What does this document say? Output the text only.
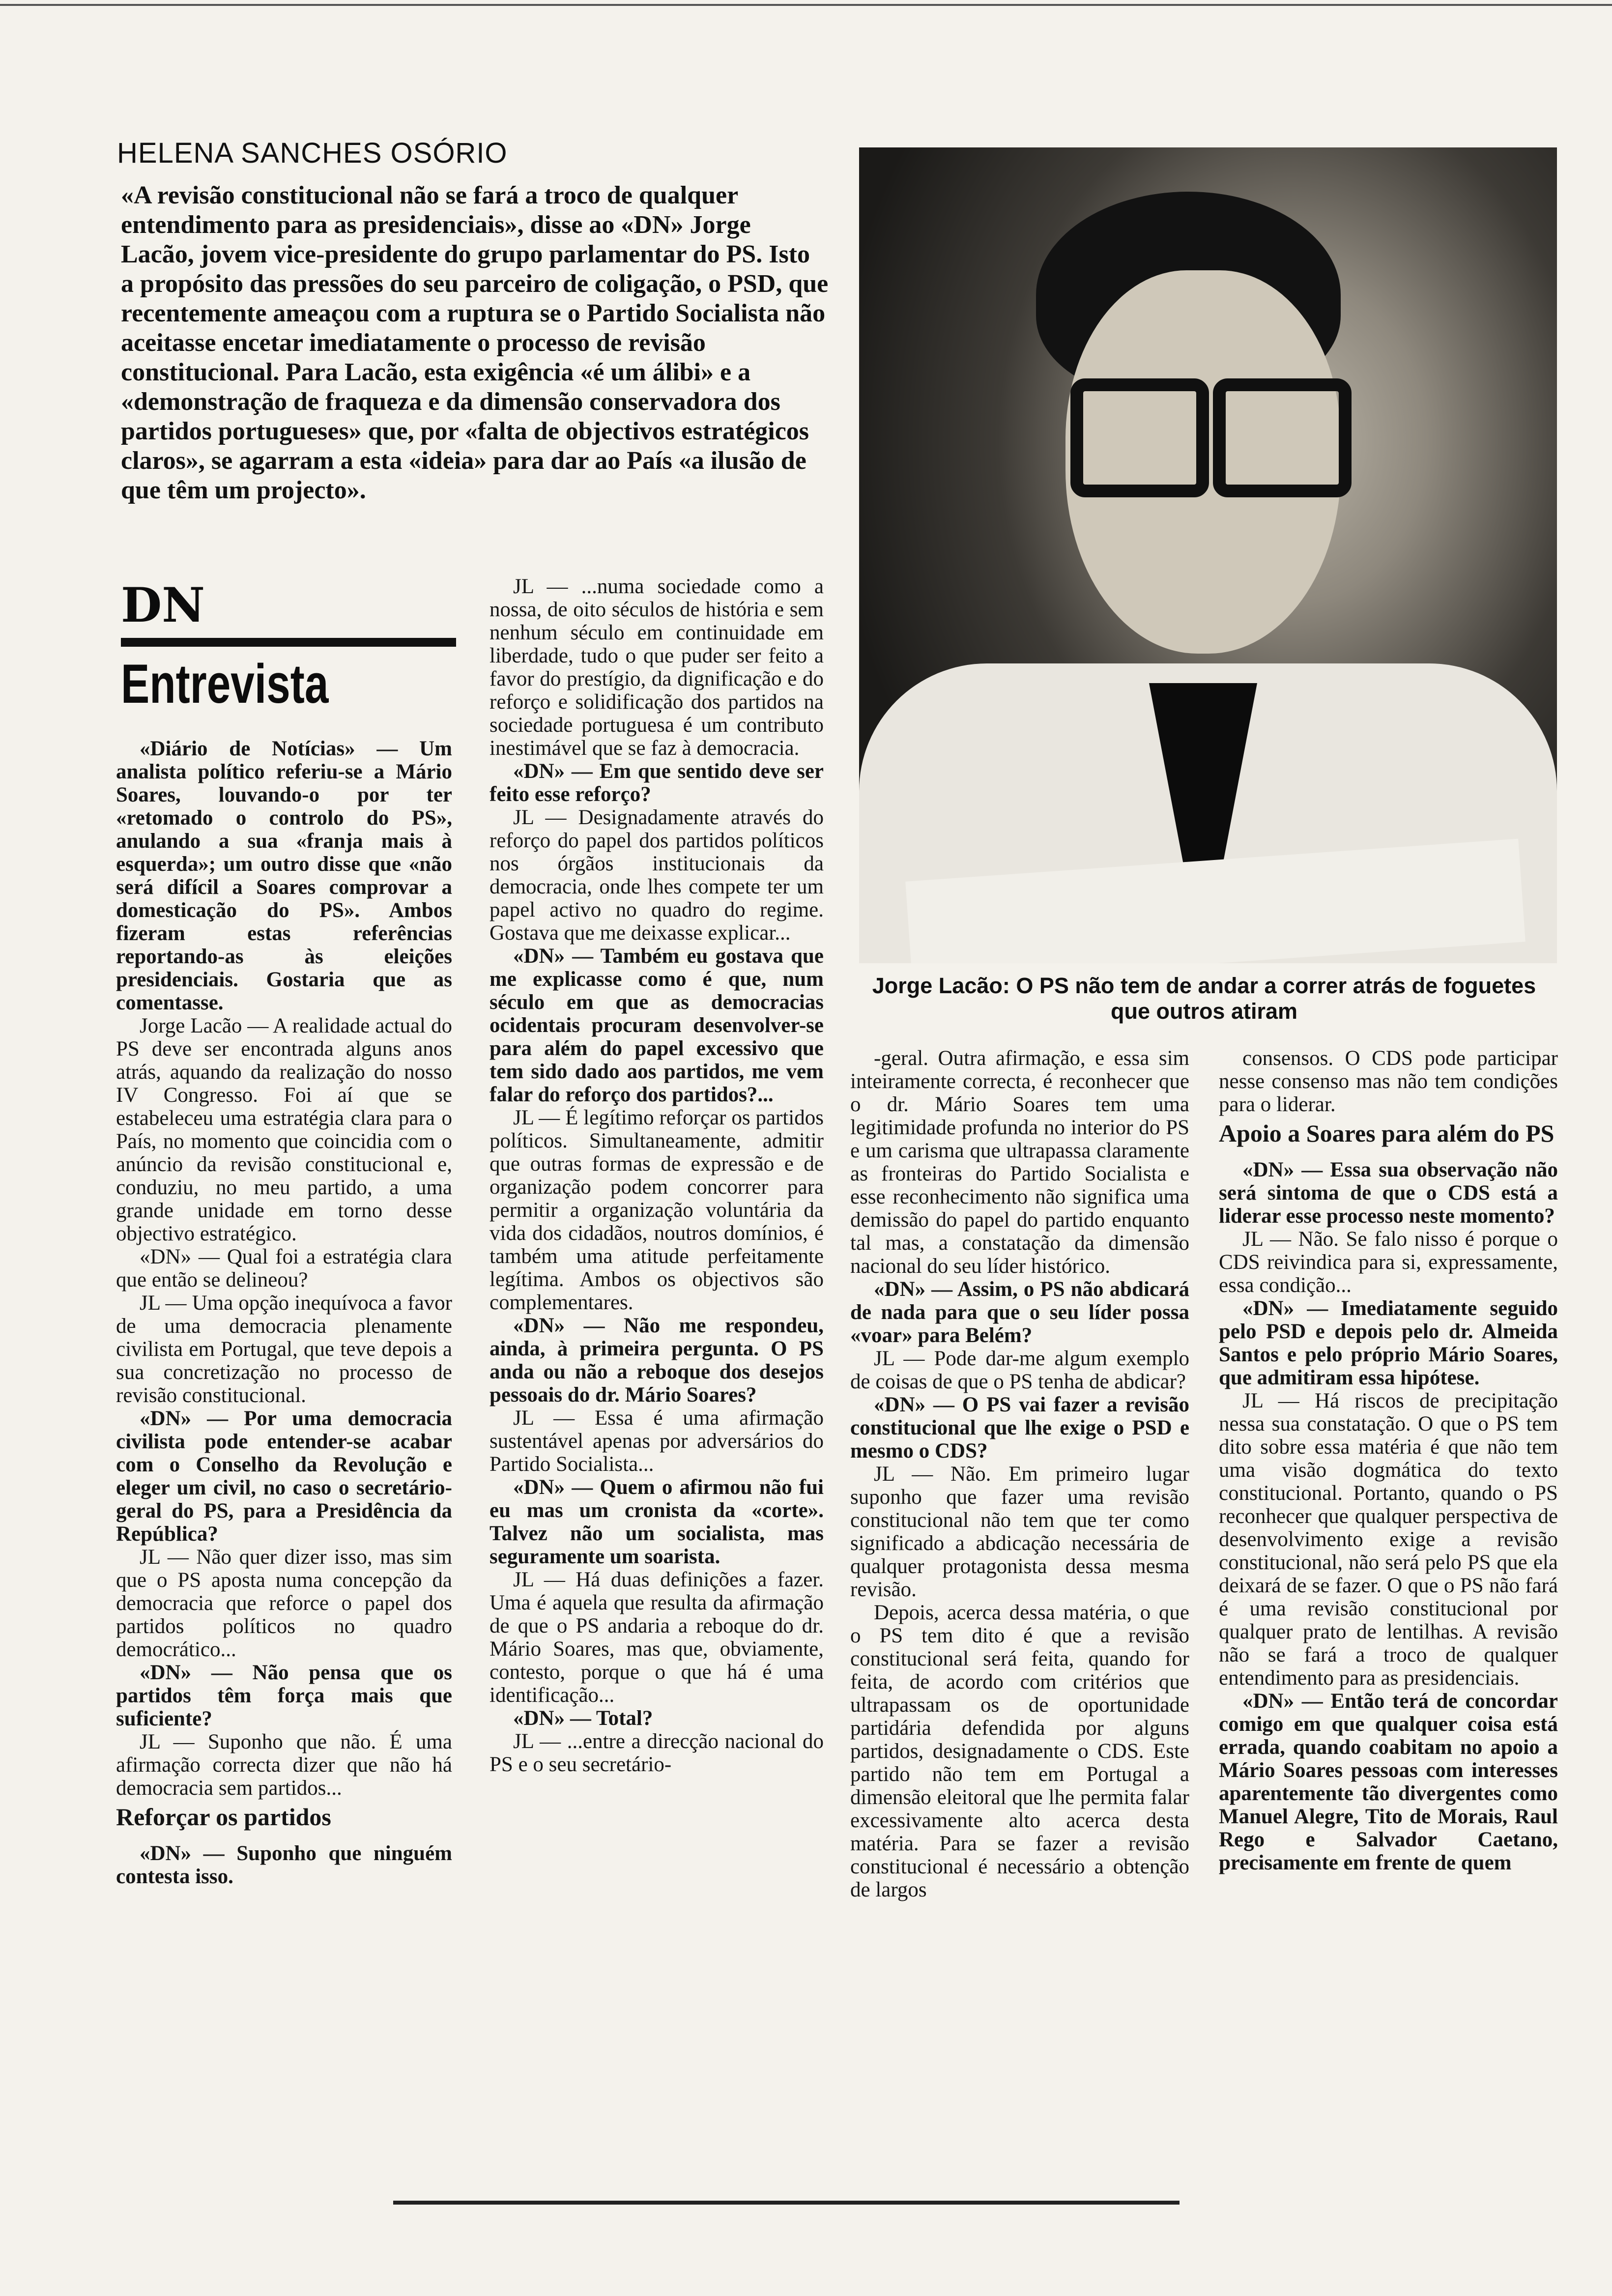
HELENA SANCHES OSÓRIO
«A revisão constitucional não se fará a troco de qualquer entendimento para as presidenciais», disse ao «DN» Jorge Lacão, jovem vice-presidente do grupo parlamentar do PS. Isto a propósito das pressões do seu parceiro de coligação, o PSD, que recentemente ameaçou com a ruptura se o Partido Socialista não aceitasse encetar imediatamente o processo de revisão constitucional. Para Lacão, esta exigência «é um álibi» e a «demonstração de fraqueza e da dimensão conservadora dos partidos portugueses» que, por «falta de objectivos estratégicos claros», se agarram a esta «ideia» para dar ao País «a ilusão de que têm um projecto».
Jorge Lacão: O PS não tem de andar a correr atrás de foguetes que outros atiram
DN
Entrevista

«Diário de Notícias» — Um analista político referiu-se a Mário Soares, louvando-o por ter «retomado o controlo do PS», anulando a sua «franja mais à esquerda»; um outro disse que «não será difícil a Soares comprovar a domesticação do PS». Ambos fizeram estas referências reportando-as às eleições presidenciais. Gostaria que as comentasse.

Jorge Lacão — A realidade actual do PS deve ser encontrada alguns anos atrás, aquando da realização do nosso IV Congresso. Foi aí que se estabeleceu uma estratégia clara para o País, no momento que coincidia com o anúncio da revisão constitucional e, conduziu, no meu partido, a uma grande unidade em torno desse objectivo estratégico.

«DN» — Qual foi a estratégia clara que então se delineou?

JL — Uma opção inequívoca a favor de uma democracia plenamente civilista em Portugal, que teve depois a sua concretização no processo de revisão constitucional.

«DN» — Por uma democracia civilista pode entender-se acabar com o Conselho da Revolução e eleger um civil, no caso o secretário-geral do PS, para a Presidência da República?

JL — Não quer dizer isso, mas sim que o PS aposta numa concepção da democracia que reforce o papel dos partidos políticos no quadro democrático...

«DN» — Não pensa que os partidos têm força mais que suficiente?

JL — Suponho que não. É uma afirmação correcta dizer que não há democracia sem partidos...

Reforçar os partidos

«DN» — Suponho que ninguém contesta isso.

JL — ...numa sociedade como a nossa, de oito séculos de história e sem nenhum século em continuidade em liberdade, tudo o que puder ser feito a favor do prestígio, da dignificação e do reforço e solidificação dos partidos na sociedade portuguesa é um contributo inestimável que se faz à democracia.

«DN» — Em que sentido deve ser feito esse reforço?

JL — Designadamente através do reforço do papel dos partidos políticos nos órgãos institucionais da democracia, onde lhes compete ter um papel activo no quadro do regime. Gostava que me deixasse explicar...

«DN» — Também eu gostava que me explicasse como é que, num século em que as democracias ocidentais procuram desenvolver-se para além do papel excessivo que tem sido dado aos partidos, me vem falar do reforço dos partidos?...

JL — É legítimo reforçar os partidos políticos. Simultaneamente, admitir que outras formas de expressão e de organização podem concorrer para permitir a organização voluntária da vida dos cidadãos, noutros domínios, é também uma atitude perfeitamente legítima. Ambos os objectivos são complementares.

«DN» — Não me respondeu, ainda, à primeira pergunta. O PS anda ou não a reboque dos desejos pessoais do dr. Mário Soares?

JL — Essa é uma afirmação sustentável apenas por adversários do Partido Socialista...

«DN» — Quem o afirmou não fui eu mas um cronista da «corte». Talvez não um socialista, mas seguramente um soarista.

JL — Há duas definições a fazer. Uma é aquela que resulta da afirmação de que o PS andaria a reboque do dr. Mário Soares, mas que, obviamente, contesto, porque o que há é uma identificação...

«DN» — Total?

JL — ...entre a direcção nacional do PS e o seu secretário-

-geral. Outra afirmação, e essa sim inteiramente correcta, é reconhecer que o dr. Mário Soares tem uma legitimidade profunda no interior do PS e um carisma que ultrapassa claramente as fronteiras do Partido Socialista e esse reconhecimento não significa uma demissão do papel do partido enquanto tal mas, a constatação da dimensão nacional do seu líder histórico.

«DN» — Assim, o PS não abdicará de nada para que o seu líder possa «voar» para Belém?

JL — Pode dar-me algum exemplo de coisas de que o PS tenha de abdicar?

«DN» — O PS vai fazer a revisão constitucional que lhe exige o PSD e mesmo o CDS?

JL — Não. Em primeiro lugar suponho que fazer uma revisão constitucional não tem que ter como significado a abdicação necessária de qualquer protagonista dessa mesma revisão.

Depois, acerca dessa matéria, o que o PS tem dito é que a revisão constitucional será feita, quando for feita, de acordo com critérios que ultrapassam os de oportunidade partidária defendida por alguns partidos, designadamente o CDS. Este partido não tem em Portugal a dimensão eleitoral que lhe permita falar excessivamente alto acerca desta matéria. Para se fazer a revisão constitucional é necessário a obtenção de largos

consensos. O CDS pode participar nesse consenso mas não tem condições para o liderar.

Apoio a Soares para além do PS

«DN» — Essa sua observação não será sintoma de que o CDS está a liderar esse processo neste momento?

JL — Não. Se falo nisso é porque o CDS reivindica para si, expressamente, essa condição...

«DN» — Imediatamente seguido pelo PSD e depois pelo dr. Almeida Santos e pelo próprio Mário Soares, que admitiram essa hipótese.

JL — Há riscos de precipitação nessa sua constatação. O que o PS tem dito sobre essa matéria é que não tem uma visão dogmática do texto constitucional. Portanto, quando o PS reconhecer que qualquer perspectiva de desenvolvimento exige a revisão constitucional, não será pelo PS que ela deixará de se fazer. O que o PS não fará é uma revisão constitucional por qualquer prato de lentilhas. A revisão não se fará a troco de qualquer entendimento para as presidenciais.

«DN» — Então terá de concordar comigo em que qualquer coisa está errada, quando coabitam no apoio a Mário Soares pessoas com interesses aparentemente tão divergentes como Manuel Alegre, Tito de Morais, Raul Rego e Salvador Caetano, precisamente em frente de quem
